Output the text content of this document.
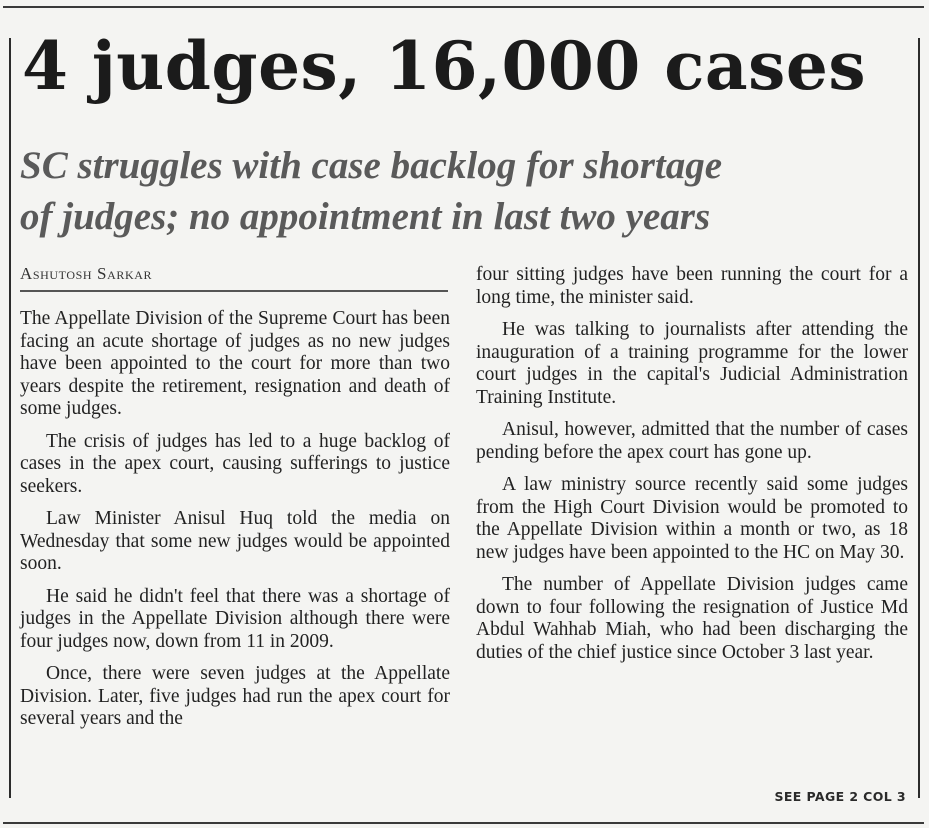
4 judges, 16,000 cases
SC struggles with case backlog for shortage
of judges; no appointment in last two years
Ashutosh Sarkar

The Appellate Division of the Supreme Court has been facing an acute shortage of judges as no new judges have been appointed to the court for more than two years despite the retirement, resignation and death of some judges.

The crisis of judges has led to a huge backlog of cases in the apex court, causing sufferings to justice seekers.

Law Minister Anisul Huq told the media on Wednesday that some new judges would be appointed soon.

He said he didn't feel that there was a shortage of judges in the Appellate Division although there were four judges now, down from 11 in 2009.

Once, there were seven judges at the Appellate Division. Later, five judges had run the apex court for several years and the

four sitting judges have been running the court for a long time, the minister said.

He was talking to journalists after attending the inauguration of a training programme for the lower court judges in the capital's Judicial Administration Training Institute.

Anisul, however, admitted that the number of cases pending before the apex court has gone up.

A law ministry source recently said some judges from the High Court Division would be promoted to the Appellate Division within a month or two, as 18 new judges have been appointed to the HC on May 30.

The number of Appellate Division judges came down to four following the resignation of Justice Md Abdul Wahhab Miah, who had been discharging the duties of the chief justice since October 3 last year.

SEE PAGE 2 COL 3
